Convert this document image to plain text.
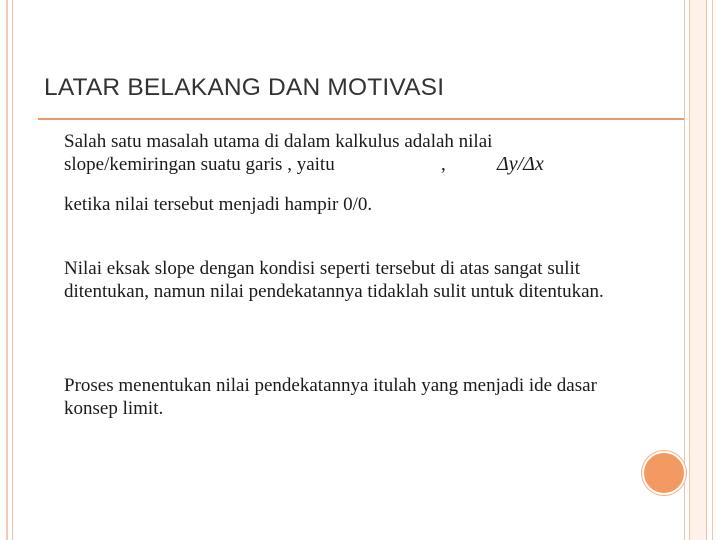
LATAR BELAKANG DAN MOTIVASI
Salah satu masalah utama di dalam kalkulus adalah nilai
slope/kemiringan suatu garis , yaitu	,	Δy/Δx
ketika nilai tersebut menjadi hampir 0/0.
Nilai eksak slope dengan kondisi seperti tersebut di atas sangat sulit ditentukan, namun nilai pendekatannya tidaklah sulit untuk ditentukan.
Proses menentukan nilai pendekatannya itulah yang menjadi ide dasar konsep limit.
